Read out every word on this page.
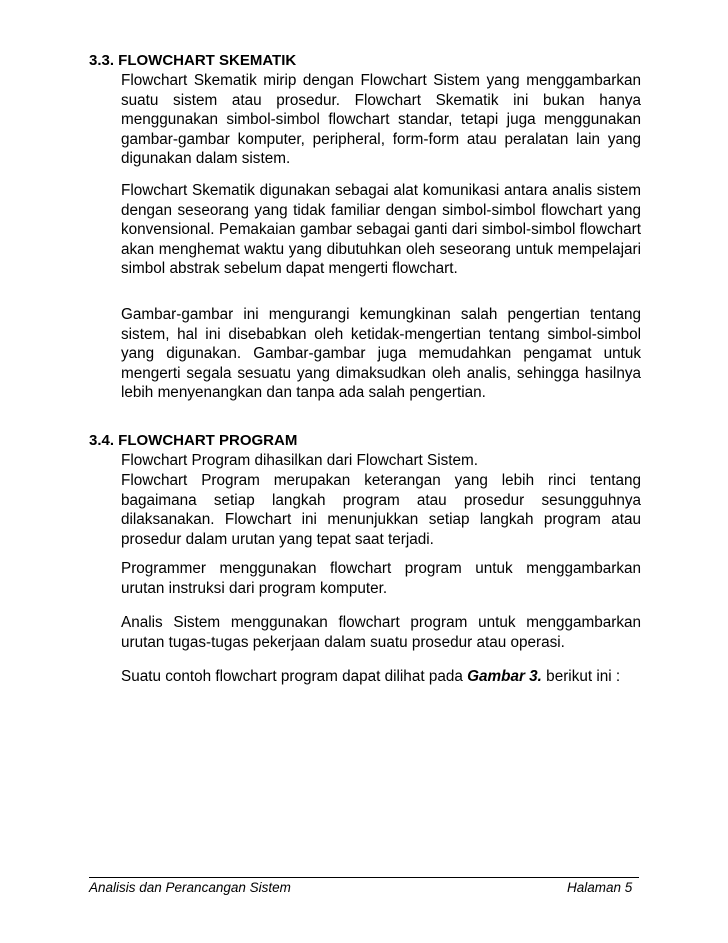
3.3. FLOWCHART SKEMATIK

Flowchart Skematik mirip dengan Flowchart Sistem yang menggambarkan suatu sistem atau prosedur. Flowchart Skematik ini bukan hanya menggunakan simbol-simbol flowchart standar, tetapi juga menggunakan gambar-gambar komputer, peripheral, form-form atau peralatan lain yang digunakan dalam sistem.

Flowchart Skematik digunakan sebagai alat komunikasi antara analis sistem dengan seseorang yang tidak familiar dengan simbol-simbol flowchart yang konvensional. Pemakaian gambar sebagai ganti dari simbol-simbol flowchart akan menghemat waktu yang dibutuhkan oleh seseorang untuk mempelajari simbol abstrak sebelum dapat mengerti flowchart.

Gambar-gambar ini mengurangi kemungkinan salah pengertian tentang sistem, hal ini disebabkan oleh ketidak-mengertian tentang simbol-simbol yang digunakan. Gambar-gambar juga memudahkan pengamat untuk mengerti segala sesuatu yang dimaksudkan oleh analis, sehingga hasilnya lebih menyenangkan dan tanpa ada salah pengertian.

3.4. FLOWCHART PROGRAM

Flowchart Program dihasilkan dari Flowchart Sistem.

Flowchart Program merupakan keterangan yang lebih rinci tentang bagaimana setiap langkah program atau prosedur sesungguhnya dilaksanakan. Flowchart ini menunjukkan setiap langkah program atau prosedur dalam urutan yang tepat saat terjadi.

Programmer menggunakan flowchart program untuk menggambarkan urutan instruksi dari program komputer.

Analis Sistem menggunakan flowchart program untuk menggambarkan urutan tugas-tugas pekerjaan dalam suatu prosedur atau operasi.

Suatu contoh flowchart program dapat dilihat pada Gambar 3. berikut ini :

Analisis dan Perancangan Sistem	Halaman 5
